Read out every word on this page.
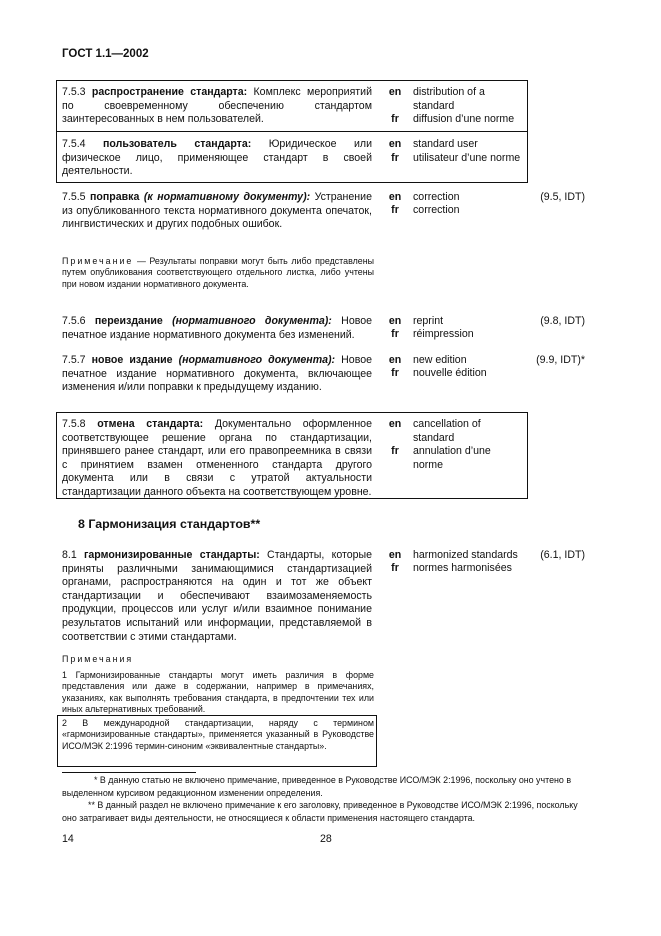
ГОСТ 1.1—2002
7.5.3 распространение стандарта: Комплекс мероприятий по своевременному обеспечению стандартом заинтересованных в нем пользователей.
en
fr
distribution of a standard
diffusion d’une norme
7.5.4 пользователь стандарта: Юридическое или физическое лицо, применяющее стандарт в своей деятельности.
en
fr
standard user
utilisateur d’une norme
7.5.5 поправка (к нормативному документу): Устранение из опубликованного текста нормативного документа опечаток, лингвистических и других подобных ошибок.
en
fr
correction
correction
(9.5, IDT)
Примечание — Результаты поправки могут быть либо представлены путем опубликования соответствующего отдельного листка, либо учтены при новом издании нормативного документа.
7.5.6 переиздание (нормативного документа): Новое печатное издание нормативного документа без изменений.
en
fr
reprint
réimpression
(9.8, IDT)
7.5.7 новое издание (нормативного документа): Новое печатное издание нормативного документа, включающее изменения и/или поправки к предыдущему изданию.
en
fr
new edition
nouvelle édition
(9.9, IDT)*
7.5.8 отмена стандарта: Документально оформленное соответствующее решение органа по стандартизации, принявшего ранее стандарт, или его правопреемника в связи с принятием взамен отмененного стандарта другого документа или в связи с утратой актуальности стандартизации данного объекта на соответствующем уровне.
en
fr
cancellation of standard
annulation d’une norme
8 Гармонизация стандартов**
8.1 гармонизированные стандарты: Стандарты, которые приняты различными занимающимися стандартизацией органами, распространяются на один и тот же объект стандартизации и обеспечивают взаимозаменяемость продукции, процессов или услуг и/или взаимное понимание результатов испытаний или информации, представляемой в соответствии с этими стандартами.
en
fr
harmonized standards
normes harmonisées
(6.1, IDT)
Примечания
1 Гармонизированные стандарты могут иметь различия в форме представления или даже в содержании, например в примечаниях, указаниях, как выполнять требования стандарта, в предпочтении тех или иных альтернативных требований.
2 В международной стандартизации, наряду с термином «гармонизированные стандарты», применяется указанный в Руководстве ИСО/МЭК 2:1996 термин-синоним «эквивалентные стандарты».
* В данную статью не включено примечание, приведенное в Руководстве ИСО/МЭК 2:1996, поскольку оно учтено в выделенном курсивом редакционном изменении определения.
** В данный раздел не включено примечание к его заголовку, приведенное в Руководстве ИСО/МЭК 2:1996, поскольку оно затрагивает виды деятельности, не относящиеся к области применения настоящего стандарта.
14	28
